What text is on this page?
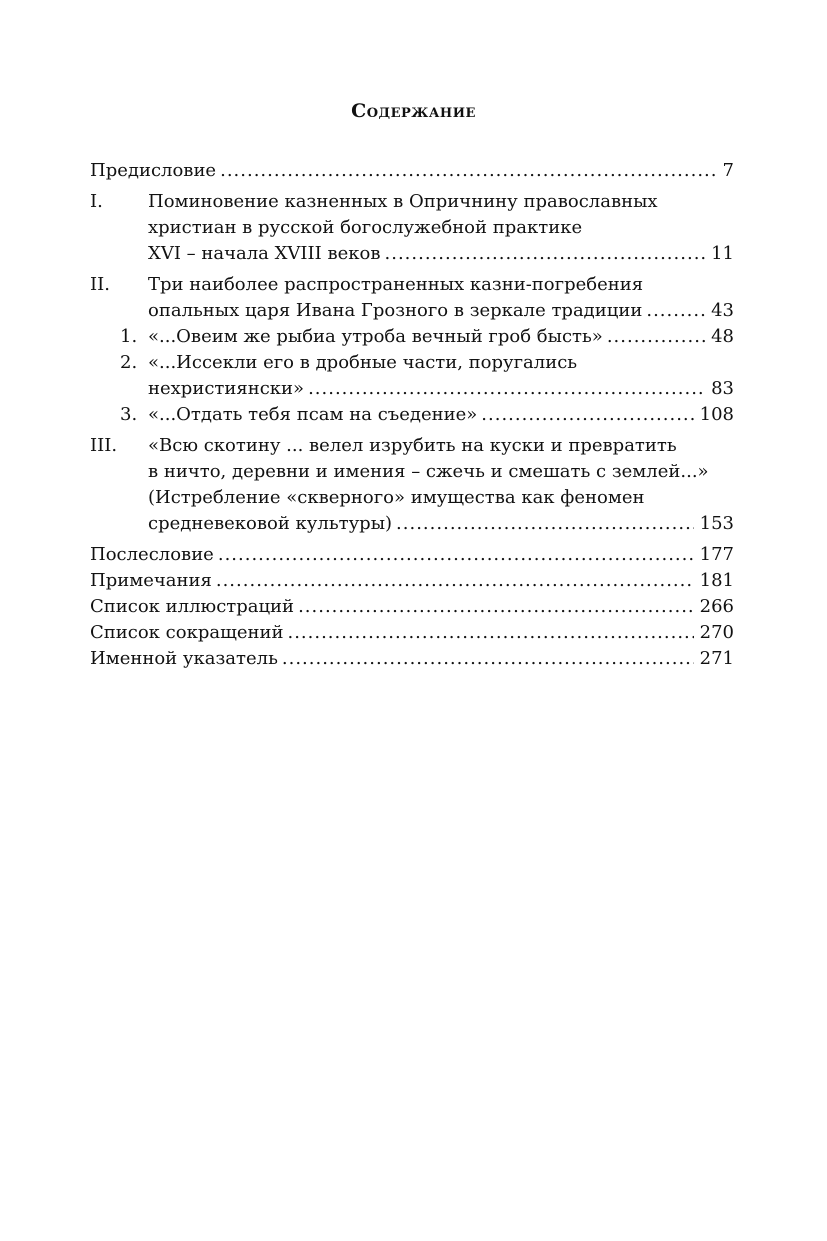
Содержание
Предисловие .....	7
I.	Поминовение казненных в Опричнину православных
христиан в русской богослужебной практике
XVI – начала XVIII веков .....	11
II. Три наиболее распространенных казни-погребения
опальных царя Ивана Грозного в зеркале традиции .....	43
1. «...Овеим же рыбиа утроба вечный гроб бысть» .....	48
2. «...Иссекли его в дробные части, поругались
нехристиянски» .....	83
3. «...Отдать тебя псам на съедение» .....	108
III. «Всю скотину ... велел изрубить на куски и превратить
в ничто, деревни и имения – сжечь и смешать с землей...»
(Истребление «скверного» имущества как феномен
средневековой культуры) .....	153
Послесловие .....	177
Примечания .....	181
Список иллюстраций .....	266
Список сокращений .....	270
Именной указатель .....	271
